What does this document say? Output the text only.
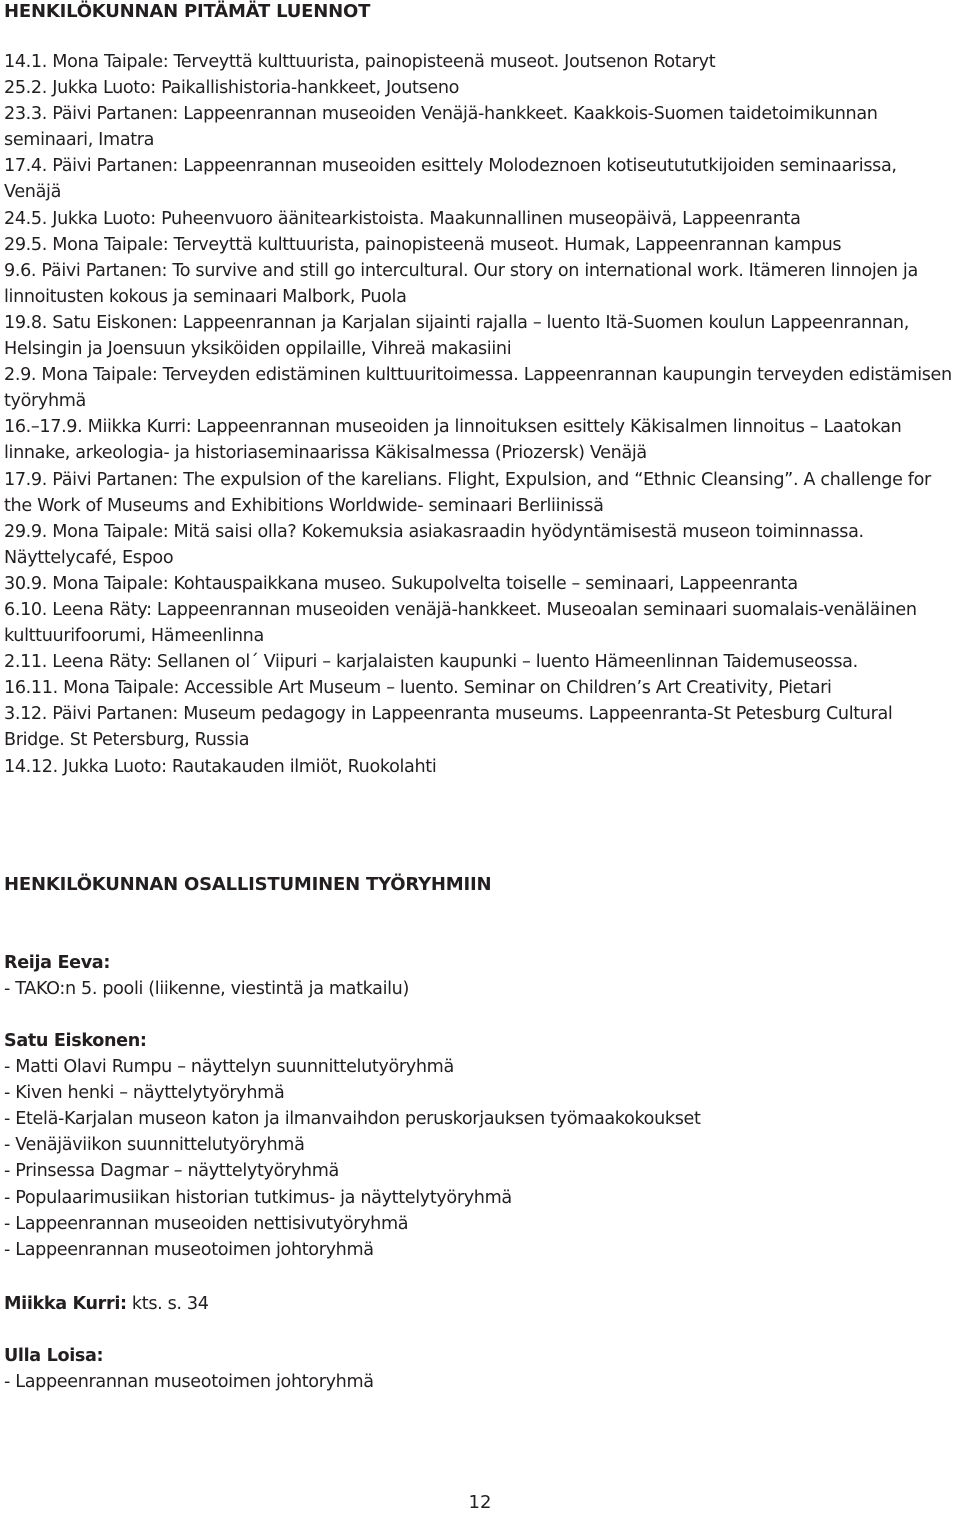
HENKILÖKUNNAN PITÄMÄT LUENNOT

14.1. Mona Taipale: Terveyttä kulttuurista, painopisteenä museot. Joutsenon Rotaryt

25.2. Jukka Luoto: Paikallishistoria-hankkeet, Joutseno

23.3. Päivi Partanen: Lappeenrannan museoiden Venäjä-hankkeet. Kaakkois-Suomen taidetoimikunnan seminaari, Imatra

17.4. Päivi Partanen: Lappeenrannan museoiden esittely Molodeznoen kotiseutututkijoiden seminaarissa, Venäjä

24.5. Jukka Luoto: Puheenvuoro äänitearkistoista. Maakunnallinen museopäivä, Lappeenranta

29.5. Mona Taipale: Terveyttä kulttuurista, painopisteenä museot. Humak, Lappeenrannan kampus

9.6. Päivi Partanen: To survive and still go intercultural. Our story on international work. Itämeren linnojen ja linnoitusten kokous ja seminaari Malbork, Puola

19.8. Satu Eiskonen: Lappeenrannan ja Karjalan sijainti rajalla – luento Itä-Suomen koulun Lappeenrannan, Helsingin ja Joensuun yksiköiden oppilaille, Vihreä makasiini

2.9. Mona Taipale: Terveyden edistäminen kulttuuritoimessa. Lappeenrannan kaupungin terveyden edistämisen työryhmä

16.–17.9. Miikka Kurri: Lappeenrannan museoiden ja linnoituksen esittely Käkisalmen linnoitus – Laatokan linnake, arkeologia- ja historiaseminaarissa Käkisalmessa (Priozersk) Venäjä

17.9. Päivi Partanen: The expulsion of the karelians. Flight, Expulsion, and “Ethnic Cleansing”. A challenge for the Work of Museums and Exhibitions Worldwide- seminaari Berliinissä

29.9. Mona Taipale: Mitä saisi olla? Kokemuksia asiakasraadin hyödyntämisestä museon toiminnassa. Näyttelycafé, Espoo

30.9. Mona Taipale: Kohtauspaikkana museo. Sukupolvelta toiselle – seminaari, Lappeenranta

6.10. Leena Räty: Lappeenrannan museoiden venäjä-hankkeet. Museoalan seminaari suomalais-venäläinen kulttuurifoorumi, Hämeenlinna

2.11. Leena Räty: Sellanen ol´ Viipuri – karjalaisten kaupunki – luento Hämeenlinnan Taidemuseossa.

16.11. Mona Taipale: Accessible Art Museum – luento. Seminar on Children’s Art Creativity, Pietari

3.12. Päivi Partanen: Museum pedagogy in Lappeenranta museums. Lappeenranta-St Petesburg Cultural Bridge. St Petersburg, Russia

14.12. Jukka Luoto: Rautakauden ilmiöt, Ruokolahti

HENKILÖKUNNAN OSALLISTUMINEN TYÖRYHMIIN

Reija Eeva:

- TAKO:n 5. pooli (liikenne, viestintä ja matkailu)

Satu Eiskonen:

- Matti Olavi Rumpu – näyttelyn suunnittelutyöryhmä

- Kiven henki – näyttelytyöryhmä

- Etelä-Karjalan museon katon ja ilmanvaihdon peruskorjauksen työmaakokoukset

- Venäjäviikon suunnittelutyöryhmä

- Prinsessa Dagmar – näyttelytyöryhmä

- Populaarimusiikan historian tutkimus- ja näyttelytyöryhmä

- Lappeenrannan museoiden nettisivutyöryhmä

- Lappeenrannan museotoimen johtoryhmä

Miikka Kurri: kts. s. 34

Ulla Loisa:

- Lappeenrannan museotoimen johtoryhmä

12
